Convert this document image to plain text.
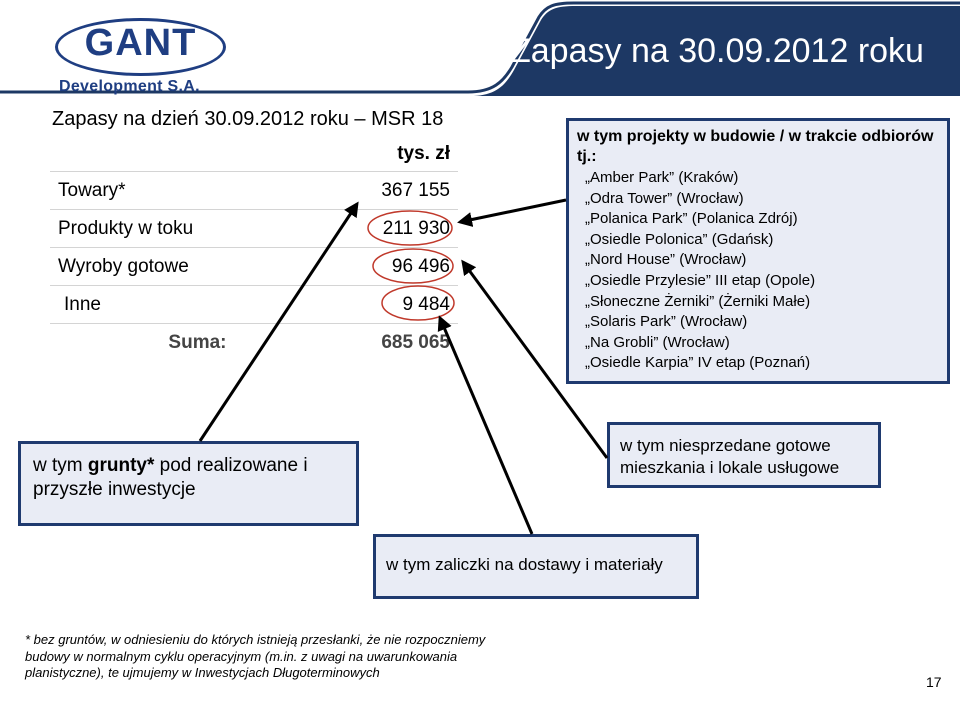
GANT
Development S.A.
Zapasy na 30.09.2012 roku
Zapasy na dzień 30.09.2012 roku – MSR 18
	tys. zł
Towary*	367 155
Produkty w toku	211 930
Wyroby gotowe	96 496
Inne	9 484
Suma:	685 065
w tym projekty w budowie / w trakcie odbiorów tj.:
„Amber Park” (Kraków)
„Odra Tower” (Wrocław)
„Polanica Park” (Polanica Zdrój)
„Osiedle Polonica” (Gdańsk)
„Nord House” (Wrocław)
„Osiedle Przylesie” III etap (Opole)
„Słoneczne Żerniki” (Żerniki Małe)
„Solaris Park” (Wrocław)
„Na Grobli” (Wrocław)
„Osiedle Karpia” IV etap (Poznań)
w tym grunty* pod realizowane i przyszłe inwestycje
w tym niesprzedane gotowe mieszkania i lokale usługowe
w tym zaliczki na dostawy i materiały
* bez gruntów, w odniesieniu do których istnieją przesłanki, że nie rozpoczniemy budowy w normalnym cyklu operacyjnym (m.in. z uwagi na uwarunkowania planistyczne), te ujmujemy w Inwestycjach Długoterminowych
17
